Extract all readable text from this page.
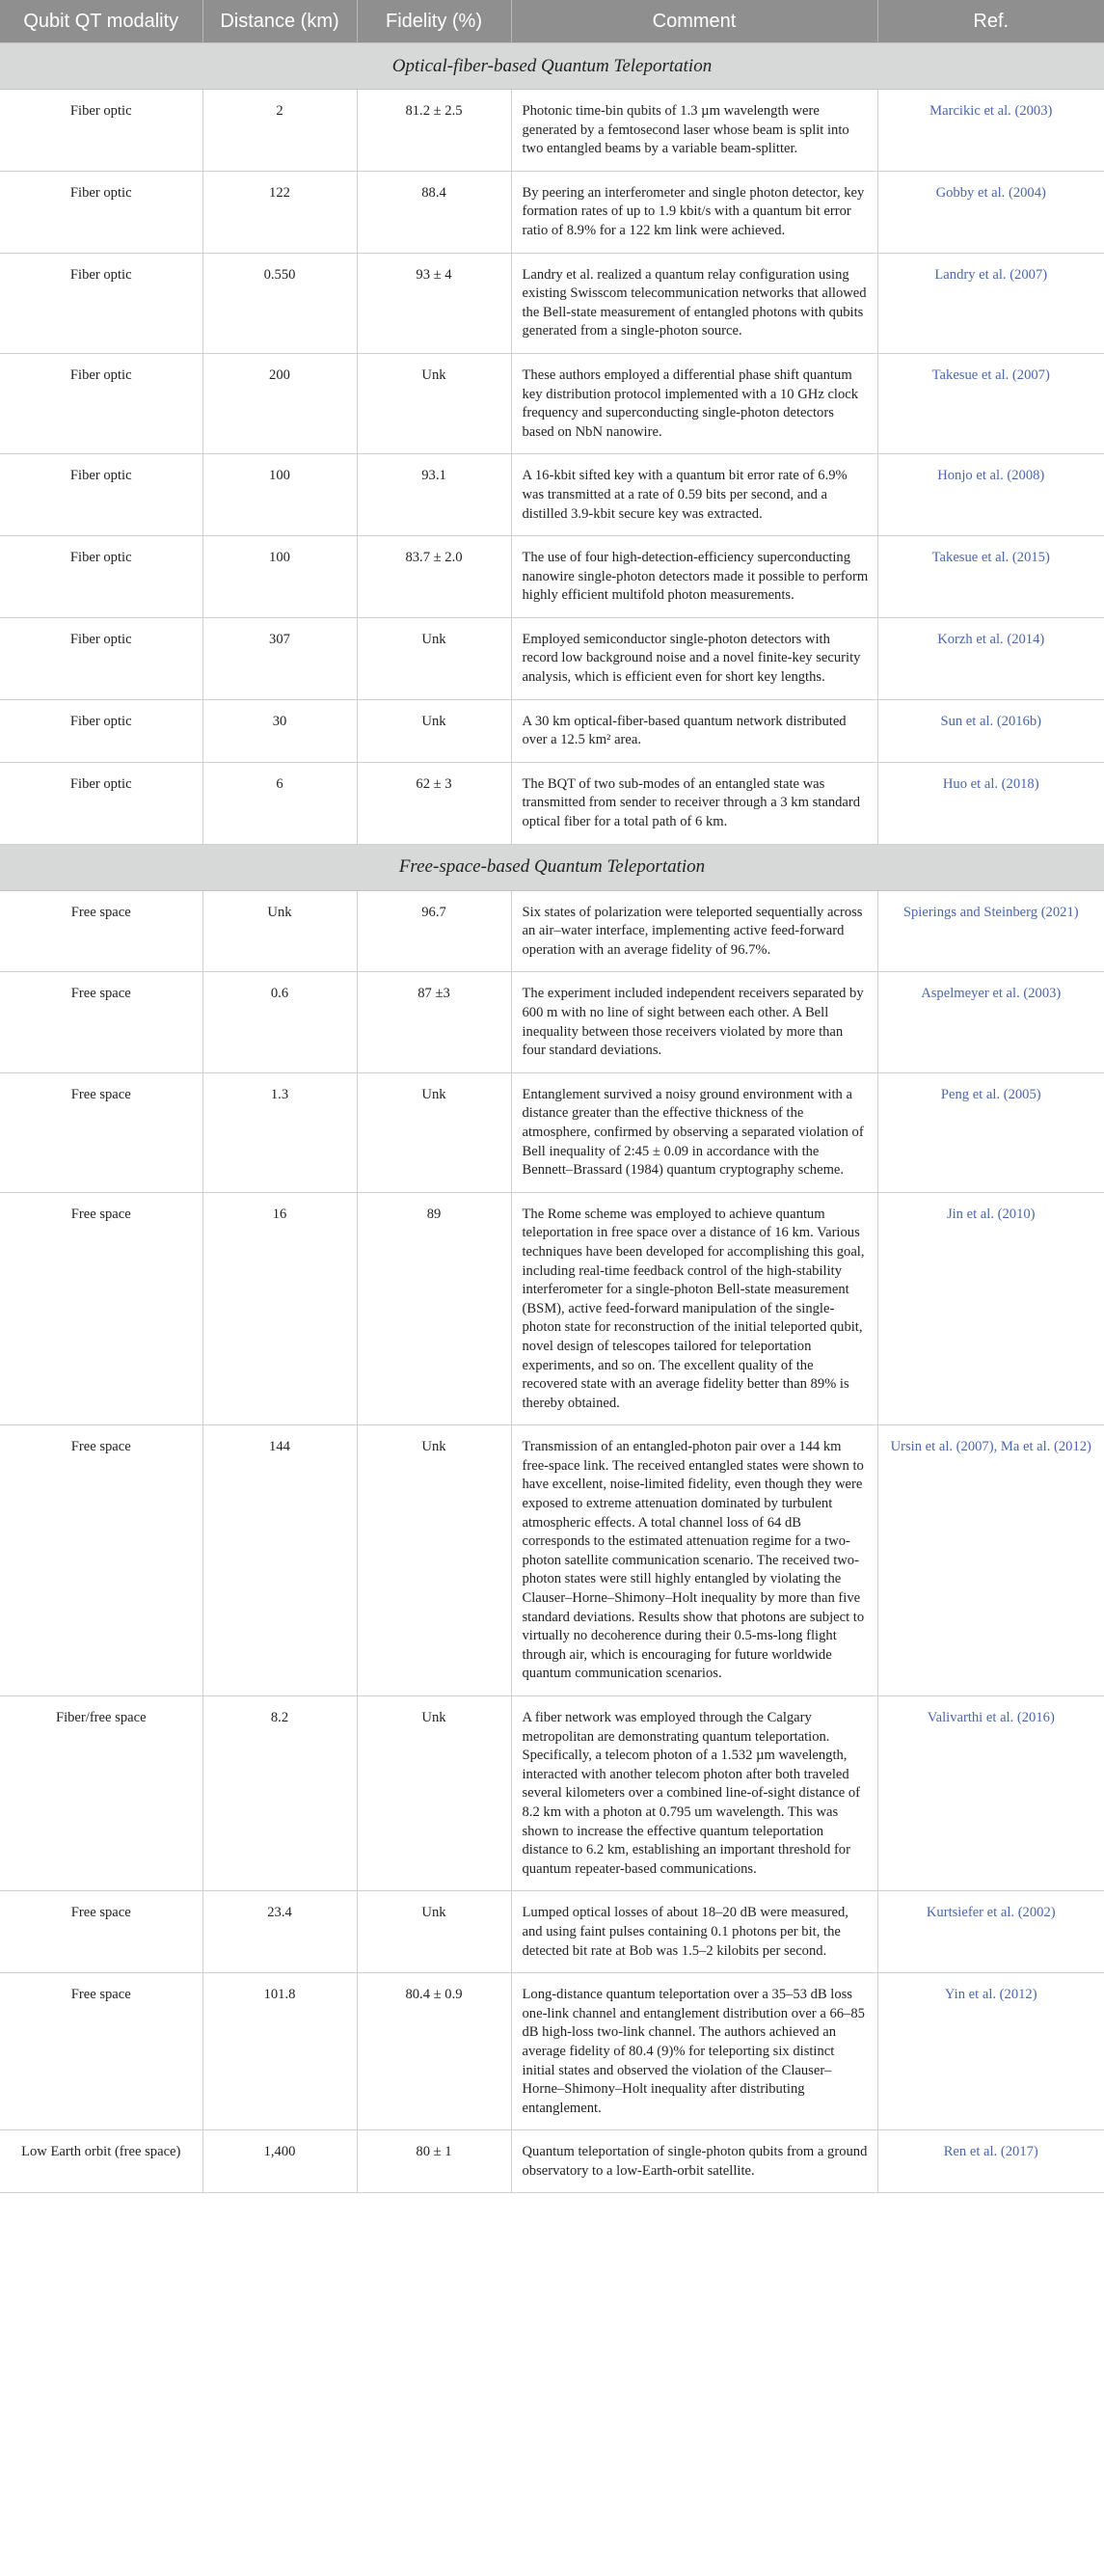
Qubit QT modality	Distance (km)	Fidelity (%)	Comment	Ref.
Optical-fiber-based Quantum Teleportation				
Fiber optic	2	81.2 ± 2.5	Photonic time-bin qubits of 1.3 µm wavelength were generated by a femtosecond laser whose beam is split into two entangled beams by a variable beam-splitter.	Marcikic et al. (2003)
Fiber optic	122	88.4	By peering an interferometer and single photon detector, key formation rates of up to 1.9 kbit/s with a quantum bit error ratio of 8.9% for a 122 km link were achieved.	Gobby et al. (2004)
Fiber optic	0.550	93 ± 4	Landry et al. realized a quantum relay configuration using existing Swisscom telecommunication networks that allowed the Bell-state measurement of entangled photons with qubits generated from a single-photon source.	Landry et al. (2007)
Fiber optic	200	Unk	These authors employed a differential phase shift quantum key distribution protocol implemented with a 10 GHz clock frequency and superconducting single-photon detectors based on NbN nanowire.	Takesue et al. (2007)
Fiber optic	100	93.1	A 16-kbit sifted key with a quantum bit error rate of 6.9% was transmitted at a rate of 0.59 bits per second, and a distilled 3.9-kbit secure key was extracted.	Honjo et al. (2008)
Fiber optic	100	83.7 ± 2.0	The use of four high-detection-efficiency superconducting nanowire single-photon detectors made it possible to perform highly efficient multifold photon measurements.	Takesue et al. (2015)
Fiber optic	307	Unk	Employed semiconductor single-photon detectors with record low background noise and a novel finite-key security analysis, which is efficient even for short key lengths.	Korzh et al. (2014)
Fiber optic	30	Unk	A 30 km optical-fiber-based quantum network distributed over a 12.5 km² area.	Sun et al. (2016b)
Fiber optic	6	62 ± 3	The BQT of two sub-modes of an entangled state was transmitted from sender to receiver through a 3 km standard optical fiber for a total path of 6 km.	Huo et al. (2018)
Free-space-based Quantum Teleportation				
Free space	Unk	96.7	Six states of polarization were teleported sequentially across an air–water interface, implementing active feed-forward operation with an average fidelity of 96.7%.	Spierings and Steinberg (2021)
Free space	0.6	87 ±3	The experiment included independent receivers separated by 600 m with no line of sight between each other. A Bell inequality between those receivers violated by more than four standard deviations.	Aspelmeyer et al. (2003)
Free space	1.3	Unk	Entanglement survived a noisy ground environment with a distance greater than the effective thickness of the atmosphere, confirmed by observing a separated violation of Bell inequality of 2:45 ± 0.09 in accordance with the Bennett–Brassard (1984) quantum cryptography scheme.	Peng et al. (2005)
Free space	16	89	The Rome scheme was employed to achieve quantum teleportation in free space over a distance of 16 km. Various techniques have been developed for accomplishing this goal, including real-time feedback control of the high-stability interferometer for a single-photon Bell-state measurement (BSM), active feed-forward manipulation of the single-photon state for reconstruction of the initial teleported qubit, novel design of telescopes tailored for teleportation experiments, and so on. The excellent quality of the recovered state with an average fidelity better than 89% is thereby obtained.	Jin et al. (2010)
Free space	144	Unk	Transmission of an entangled-photon pair over a 144 km free-space link. The received entangled states were shown to have excellent, noise-limited fidelity, even though they were exposed to extreme attenuation dominated by turbulent atmospheric effects. A total channel loss of 64 dB corresponds to the estimated attenuation regime for a two-photon satellite communication scenario. The received two-photon states were still highly entangled by violating the Clauser–Horne–Shimony–Holt inequality by more than five standard deviations. Results show that photons are subject to virtually no decoherence during their 0.5-ms-long flight through air, which is encouraging for future worldwide quantum communication scenarios.	Ursin et al. (2007), Ma et al. (2012)
Fiber/free space	8.2	Unk	A fiber network was employed through the Calgary metropolitan are demonstrating quantum teleportation. Specifically, a telecom photon of a 1.532 µm wavelength, interacted with another telecom photon after both traveled several kilometers over a combined line-of-sight distance of 8.2 km with a photon at 0.795 um wavelength. This was shown to increase the effective quantum teleportation distance to 6.2 km, establishing an important threshold for quantum repeater-based communications.	Valivarthi et al. (2016)
Free space	23.4	Unk	Lumped optical losses of about 18–20 dB were measured, and using faint pulses containing 0.1 photons per bit, the detected bit rate at Bob was 1.5–2 kilobits per second.	Kurtsiefer et al. (2002)
Free space	101.8	80.4 ± 0.9	Long-distance quantum teleportation over a 35–53 dB loss one-link channel and entanglement distribution over a 66–85 dB high-loss two-link channel. The authors achieved an average fidelity of 80.4 (9)% for teleporting six distinct initial states and observed the violation of the Clauser–Horne–Shimony–Holt inequality after distributing entanglement.	Yin et al. (2012)
Low Earth orbit (free space)	1,400	80 ± 1	Quantum teleportation of single-photon qubits from a ground observatory to a low-Earth-orbit satellite.	Ren et al. (2017)
